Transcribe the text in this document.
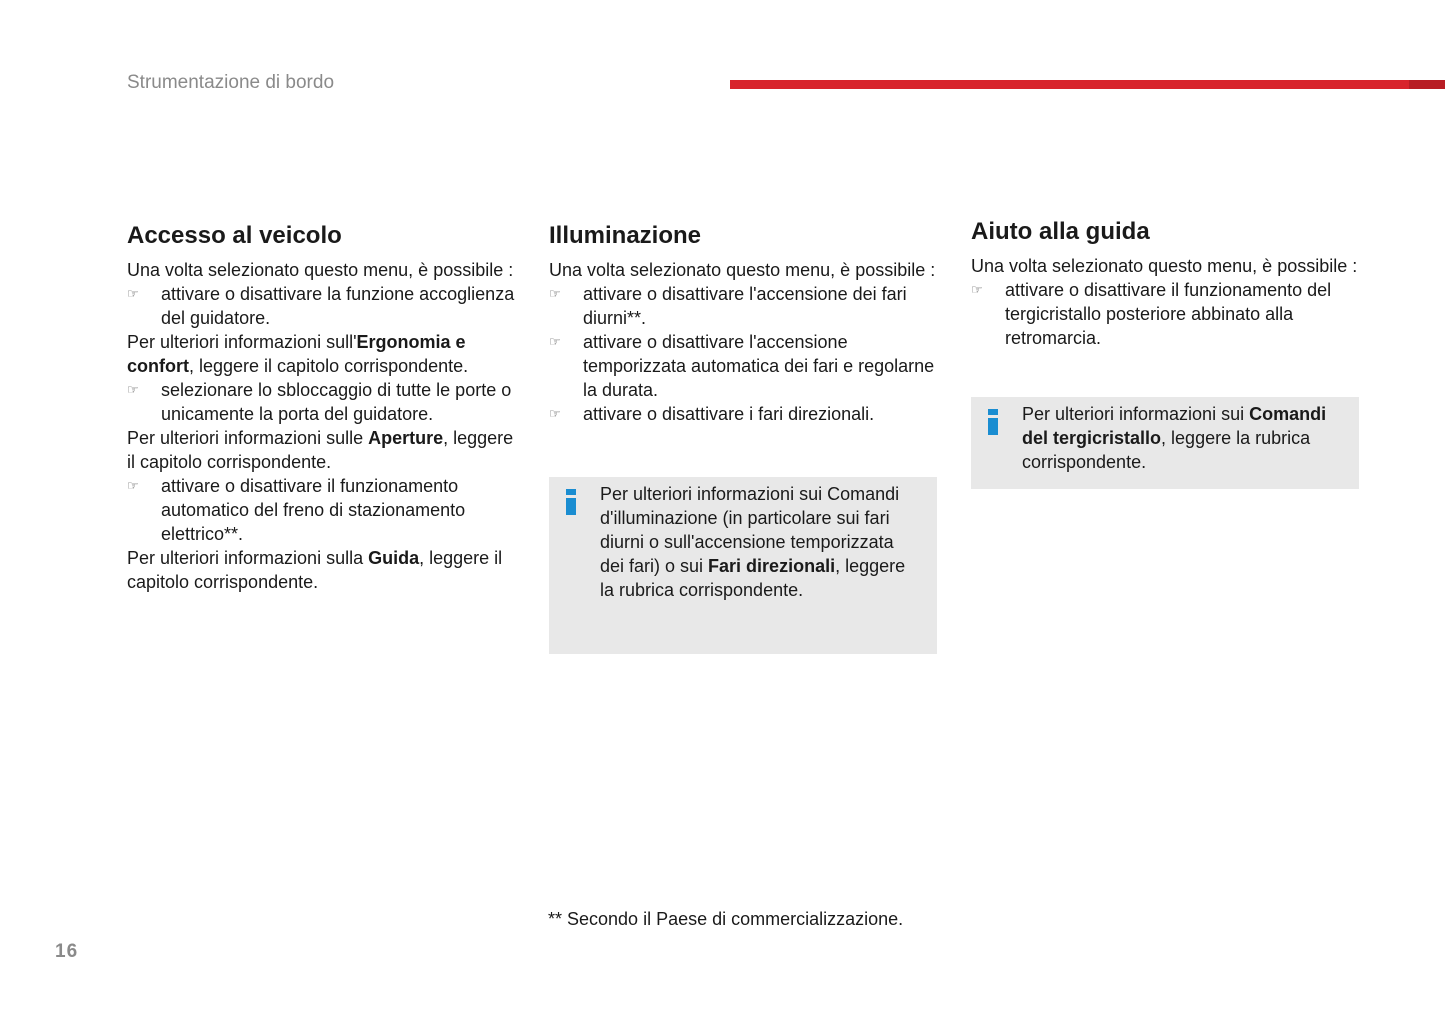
Strumentazione di bordo
Accesso al veicolo

Una volta selezionato questo menu, è possibile :

☞	attivare o disattivare la funzione accoglienza del guidatore.

Per ulteriori informazioni sull'Ergonomia e confort, leggere il capitolo corrispondente.

☞	selezionare lo sbloccaggio di tutte le porte o unicamente la porta del guidatore.

Per ulteriori informazioni sulle Aperture, leggere il capitolo corrispondente.

☞	attivare o disattivare il funzionamento automatico del freno di stazionamento elettrico**.

Per ulteriori informazioni sulla Guida, leggere il capitolo corrispondente.

Illuminazione

Una volta selezionato questo menu, è possibile :

☞	attivare o disattivare l'accensione dei fari diurni**.
☞	attivare o disattivare l'accensione temporizzata automatica dei fari e regolarne la durata.
☞	attivare o disattivare i fari direzionali.
Per ulteriori informazioni sui Comandi d'illuminazione (in particolare sui fari diurni o sull'accensione temporizzata dei fari) o sui Fari direzionali, leggere la rubrica corrispondente.
Aiuto alla guida

Una volta selezionato questo menu, è possibile :

☞	attivare o disattivare il funzionamento del tergicristallo posteriore abbinato alla retromarcia.
Per ulteriori informazioni sui Comandi del tergicristallo, leggere la rubrica corrispondente.
** Secondo il Paese di commercializzazione.
16
